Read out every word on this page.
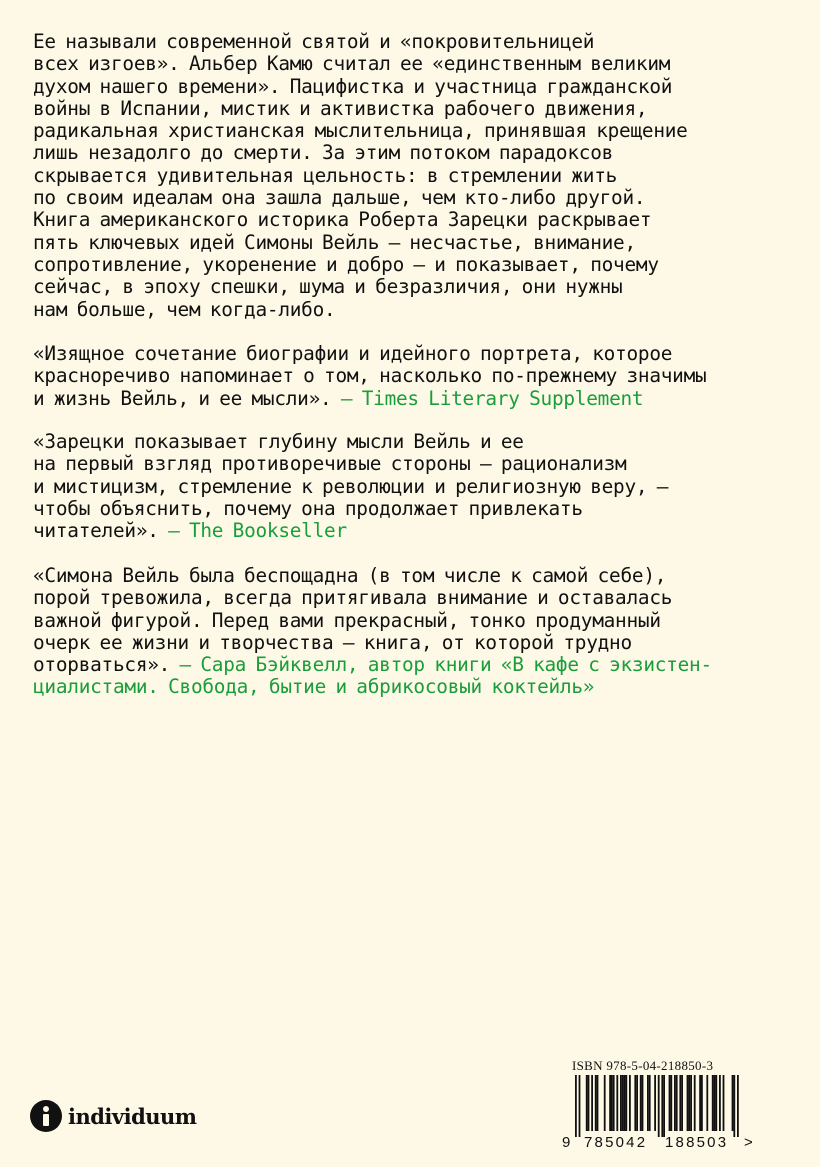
Ее называли современной святой и «покровительницей
всех изгоев». Альбер Камю считал ее «единственным великим
духом нашего времени». Пацифистка и участница гражданской
войны в Испании, мистик и активистка рабочего движения,
радикальная христианская мыслительница, принявшая крещение
лишь незадолго до смерти. За этим потоком парадоксов
скрывается удивительная цельность: в стремлении жить
по своим идеалам она зашла дальше, чем кто-либо другой.
Книга американского историка Роберта Зарецки раскрывает
пять ключевых идей Симоны Вейль — несчастье, внимание,
сопротивление, укоренение и добро — и показывает, почему
сейчас, в эпоху спешки, шума и безразличия, они нужны
нам больше, чем когда-либо.
«Изящное сочетание биографии и идейного портрета, которое
красноречиво напоминает о том, насколько по-прежнему значимы
и жизнь Вейль, и ее мысли». — Times Literary Supplement
«Зарецки показывает глубину мысли Вейль и ее
на первый взгляд противоречивые стороны — рационализм
и мистицизм, стремление к революции и религиозную веру, —
чтобы объяснить, почему она продолжает привлекать
читателей». — The Bookseller
«Симона Вейль была беспощадна (в том числе к самой себе),
порой тревожила, всегда притягивала внимание и оставалась
важной фигурой. Перед вами прекрасный, тонко продуманный
очерк ее жизни и творчества — книга, от которой трудно
оторваться». — Сара Бэйквелл, автор книги «В кафе с экзистен-
циалистами. Свобода, бытие и абрикосовый коктейль»
individuum
ISBN 978-5-04-218850-3
9 785042 188503 >
